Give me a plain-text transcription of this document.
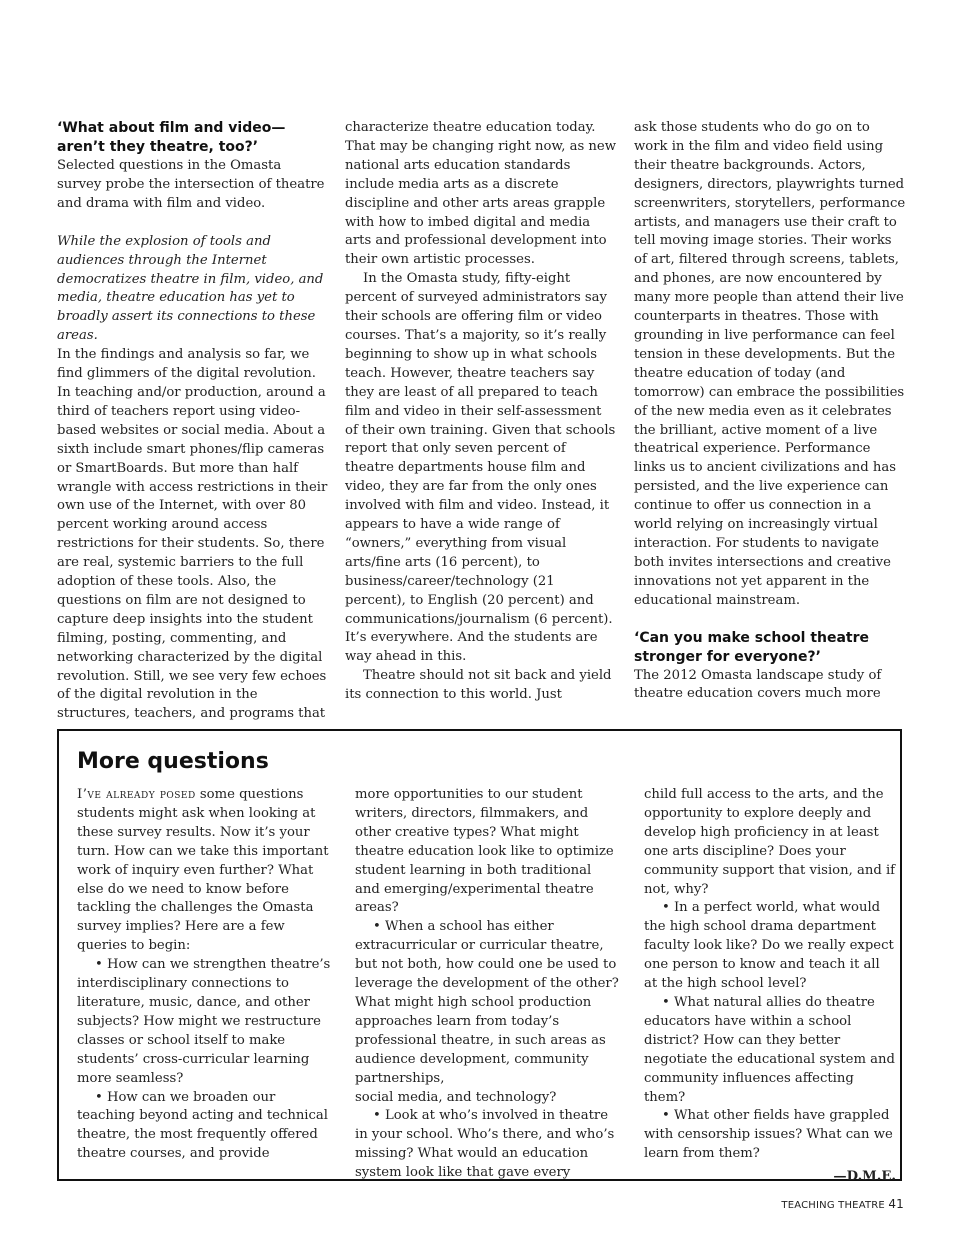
‘What about film and video— aren’t they theatre, too?’

Selected questions in the Omasta survey probe the intersection of theatre and drama with film and video.

While the explosion of tools and audiences through the Internet democratizes theatre in film, video, and media, theatre education has yet to broadly assert its connections to these areas.

In the findings and analysis so far, we find glimmers of the digital revolution. In teaching and/or production, around a third of teachers report using video-based websites or social media. About a sixth include smart phones/flip cameras or SmartBoards. But more than half wrangle with access restrictions in their own use of the Internet, with over 80 percent working around access restrictions for their students. So, there are real, systemic barriers to the full adoption of these tools. Also, the questions on film are not designed to capture deep insights into the student filming, posting, commenting, and networking characterized by the digital revolution. Still, we see very few echoes of the digital revolution in the structures, teachers, and programs that

characterize theatre education today. That may be changing right now, as new national arts education standards include media arts as a discrete discipline and other arts areas grapple with how to imbed digital and media arts and professional development into their own artistic processes.

In the Omasta study, fifty-eight percent of surveyed administrators say their schools are offering film or video courses. That’s a majority, so it’s really beginning to show up in what schools teach. However, theatre teachers say they are least of all prepared to teach film and video in their self-assessment of their own training. Given that schools report that only seven percent of theatre departments house film and video, they are far from the only ones involved with film and video. Instead, it appears to have a wide range of “owners,” everything from visual arts/fine arts (16 percent), to business/career/technology (21 percent), to English (20 percent) and communications/journalism (6 percent). It’s everywhere. And the students are way ahead in this.

Theatre should not sit back and yield its connection to this world. Just

ask those students who do go on to work in the film and video field using their theatre backgrounds. Actors, designers, directors, playwrights turned screenwriters, storytellers, performance artists, and managers use their craft to tell moving image stories. Their works of art, filtered through screens, tablets, and phones, are now encountered by many more people than attend their live counterparts in theatres. Those with grounding in live performance can feel tension in these developments. But the theatre education of today (and tomorrow) can embrace the possibilities of the new media even as it celebrates the brilliant, active moment of a live theatrical experience. Performance links us to ancient civilizations and has persisted, and the live experience can continue to offer us connection in a world relying on increasingly virtual interaction. For students to navigate both invites intersections and creative innovations not yet apparent in the educational mainstream.

‘Can you make school theatre stronger for everyone?’

The 2012 Omasta landscape study of theatre education covers much more

More questions

I’ve already posed some questions students might ask when looking at these survey results. Now it’s your turn. How can we take this important work of inquiry even further? What else do we need to know before tackling the challenges the Omasta survey implies? Here are a few queries to begin:

• How can we strengthen theatre’s interdisciplinary connections to literature, music, dance, and other subjects? How might we restructure classes or school itself to make students’ cross-curricular learning more seamless?

• How can we broaden our teaching beyond acting and technical theatre, the most frequently offered theatre courses, and provide

more opportunities to our student writers, directors, filmmakers, and other creative types? What might theatre education look like to optimize student learning in both traditional and emerging/experimental theatre areas?

• When a school has either extracurricular or curricular theatre, but not both, how could one be used to leverage the development of the other? What might high school production approaches learn from today’s professional theatre, in such areas as audience development, community partnerships,

social media, and technology?

• Look at who’s involved in theatre in your school. Who’s there, and who’s missing? What would an education system look like that gave every

child full access to the arts, and the opportunity to explore deeply and develop high proficiency in at least one arts discipline? Does your community support that vision, and if not, why?

• In a perfect world, what would the high school drama department faculty look like? Do we really expect one person to know and teach it all at the high school level?

• What natural allies do theatre educators have within a school district? How can they better negotiate the educational system and community influences affecting them?

• What other fields have grappled with censorship issues? What can we learn from them?

—D.M.E.

TEACHING THEATRE 41
